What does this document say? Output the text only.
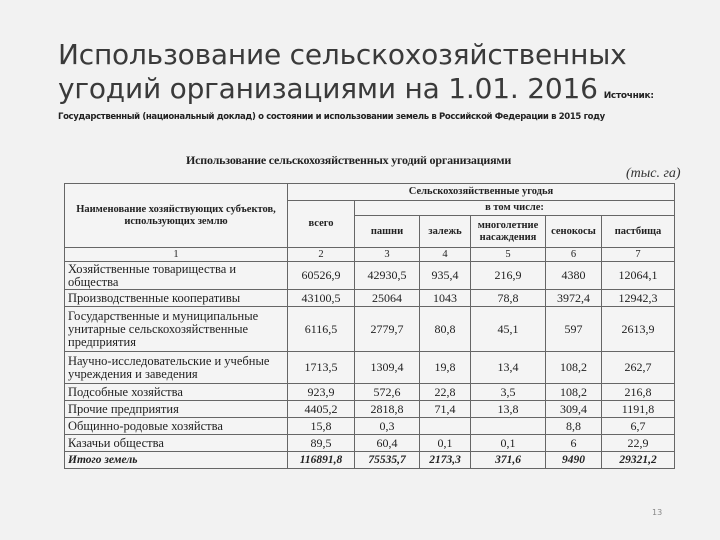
Использование сельскохозяйственных
угодий организациями на 1.01. 2016 Источник:
Государственный (национальный доклад) о состоянии и использовании земель в Российской Федерации в 2015 году
Использование сельскохозяйственных угодий организациями
(тыс. га)
Наименование хозяйствующих субъектов, использующих землю	Сельскохозяйственные угодья					
	всего	в том числе:				
		пашни	залежь	многолетние насаждения	сенокосы	пастбища
1	2	3	4	5	6	7
Хозяйственные товарищества и общества	60526,9	42930,5	935,4	216,9	4380	12064,1
Производственные кооперативы	43100,5	25064	1043	78,8	3972,4	12942,3
Государственные и муниципальные унитарные сельскохозяйственные предприятия	6116,5	2779,7	80,8	45,1	597	2613,9
Научно-исследовательские и учебные учреждения и заведения	1713,5	1309,4	19,8	13,4	108,2	262,7
Подсобные хозяйства	923,9	572,6	22,8	3,5	108,2	216,8
Прочие предприятия	4405,2	2818,8	71,4	13,8	309,4	1191,8
Общинно-родовые хозяйства	15,8	0,3			8,8	6,7
Казачьи общества	89,5	60,4	0,1	0,1	6	22,9
Итого земель	116891,8	75535,7	2173,3	371,6	9490	29321,2
13
